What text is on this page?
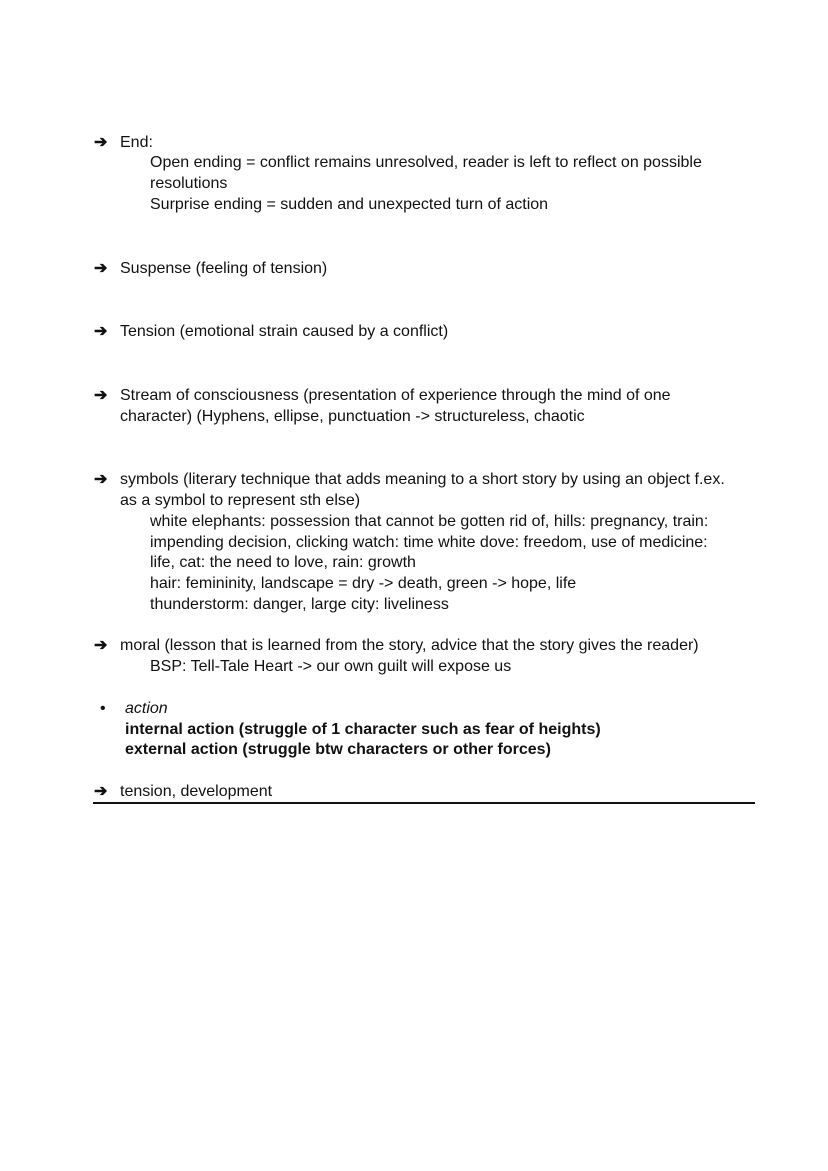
➔ End:
Open ending = conflict remains unresolved, reader is left to reflect on possible
resolutions
Surprise ending = sudden and unexpected turn of action
➔ Suspense (feeling of tension)
➔ Tension (emotional strain caused by a conflict)
➔ Stream of consciousness (presentation of experience through the mind of one
character) (Hyphens, ellipse, punctuation -> structureless, chaotic
➔ symbols (literary technique that adds meaning to a short story by using an object f.ex.
as a symbol to represent sth else)
white elephants: possession that cannot be gotten rid of, hills: pregnancy, train:
impending decision, clicking watch: time white dove: freedom, use of medicine:
life, cat: the need to love, rain: growth
hair: femininity, landscape = dry -> death, green -> hope, life
thunderstorm: danger, large city: liveliness
➔ moral (lesson that is learned from the story, advice that the story gives the reader)
BSP: Tell-Tale Heart -> our own guilt will expose us
• action
internal action (struggle of 1 character such as fear of heights)
external action (struggle btw characters or other forces)
➔ tension, development
